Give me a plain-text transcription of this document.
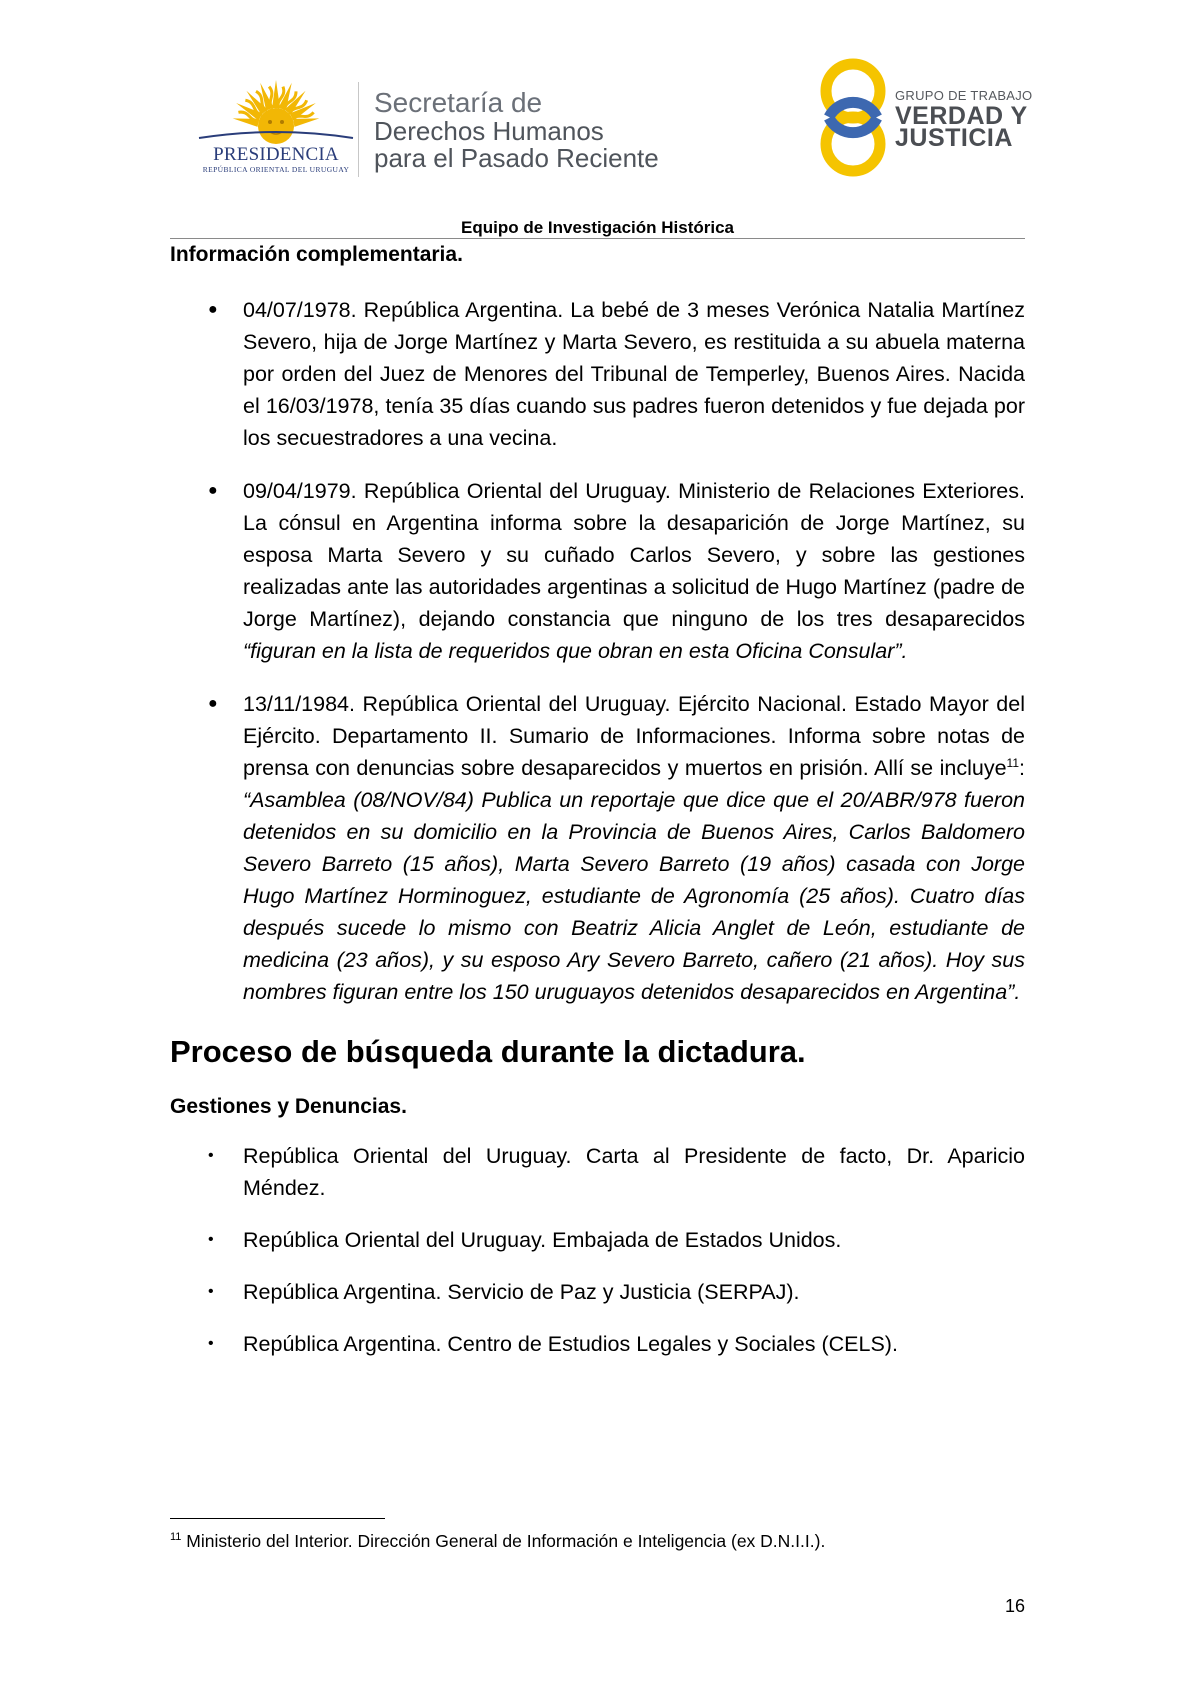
PRESIDENCIA
REPÚBLICA ORIENTAL DEL URUGUAY
Secretaría de
Derechos Humanos
para el Pasado Reciente
GRUPO DE TRABAJO
VERDAD Y
JUSTICIA
Equipo de Investigación Histórica

Información complementaria.

● 04/07/1978. República Argentina. La bebé de 3 meses Verónica Natalia Martínez Severo, hija de Jorge Martínez y Marta Severo, es restituida a su abuela materna por orden del Juez de Menores del Tribunal de Temperley, Buenos Aires. Nacida el 16/03/1978, tenía 35 días cuando sus padres fueron detenidos y fue dejada por los secuestradores a una vecina.
● 09/04/1979. República Oriental del Uruguay. Ministerio de Relaciones Exteriores. La cónsul en Argentina informa sobre la desaparición de Jorge Martínez, su esposa Marta Severo y su cuñado Carlos Severo, y sobre las gestiones realizadas ante las autoridades argentinas a solicitud de Hugo Martínez (padre de Jorge Martínez), dejando constancia que ninguno de los tres desaparecidos “figuran en la lista de requeridos que obran en esta Oficina Consular”.
● 13/11/1984. República Oriental del Uruguay. Ejército Nacional. Estado Mayor del Ejército. Departamento II. Sumario de Informaciones. Informa sobre notas de prensa con denuncias sobre desaparecidos y muertos en prisión. Allí se incluye$^{11}$: “Asamblea (08/NOV/84) Publica un reportaje que dice que el 20/ABR/978 fueron detenidos en su domicilio en la Provincia de Buenos Aires, Carlos Baldomero Severo Barreto (15 años), Marta Severo Barreto (19 años) casada con Jorge Hugo Martínez Horminoguez, estudiante de Agronomía (25 años). Cuatro días después sucede lo mismo con Beatriz Alicia Anglet de León, estudiante de medicina (23 años), y su esposo Ary Severo Barreto, cañero (21 años). Hoy sus nombres figuran entre los 150 uruguayos detenidos desaparecidos en Argentina”.
Proceso de búsqueda durante la dictadura.

Gestiones y Denuncias.

• República Oriental del Uruguay. Carta al Presidente de facto, Dr. Aparicio Méndez.
• República Oriental del Uruguay. Embajada de Estados Unidos.
• República Argentina. Servicio de Paz y Justicia (SERPAJ).
• República Argentina. Centro de Estudios Legales y Sociales (CELS).
$^{11}$ Ministerio del Interior. Dirección General de Información e Inteligencia (ex D.N.I.I.).
16
